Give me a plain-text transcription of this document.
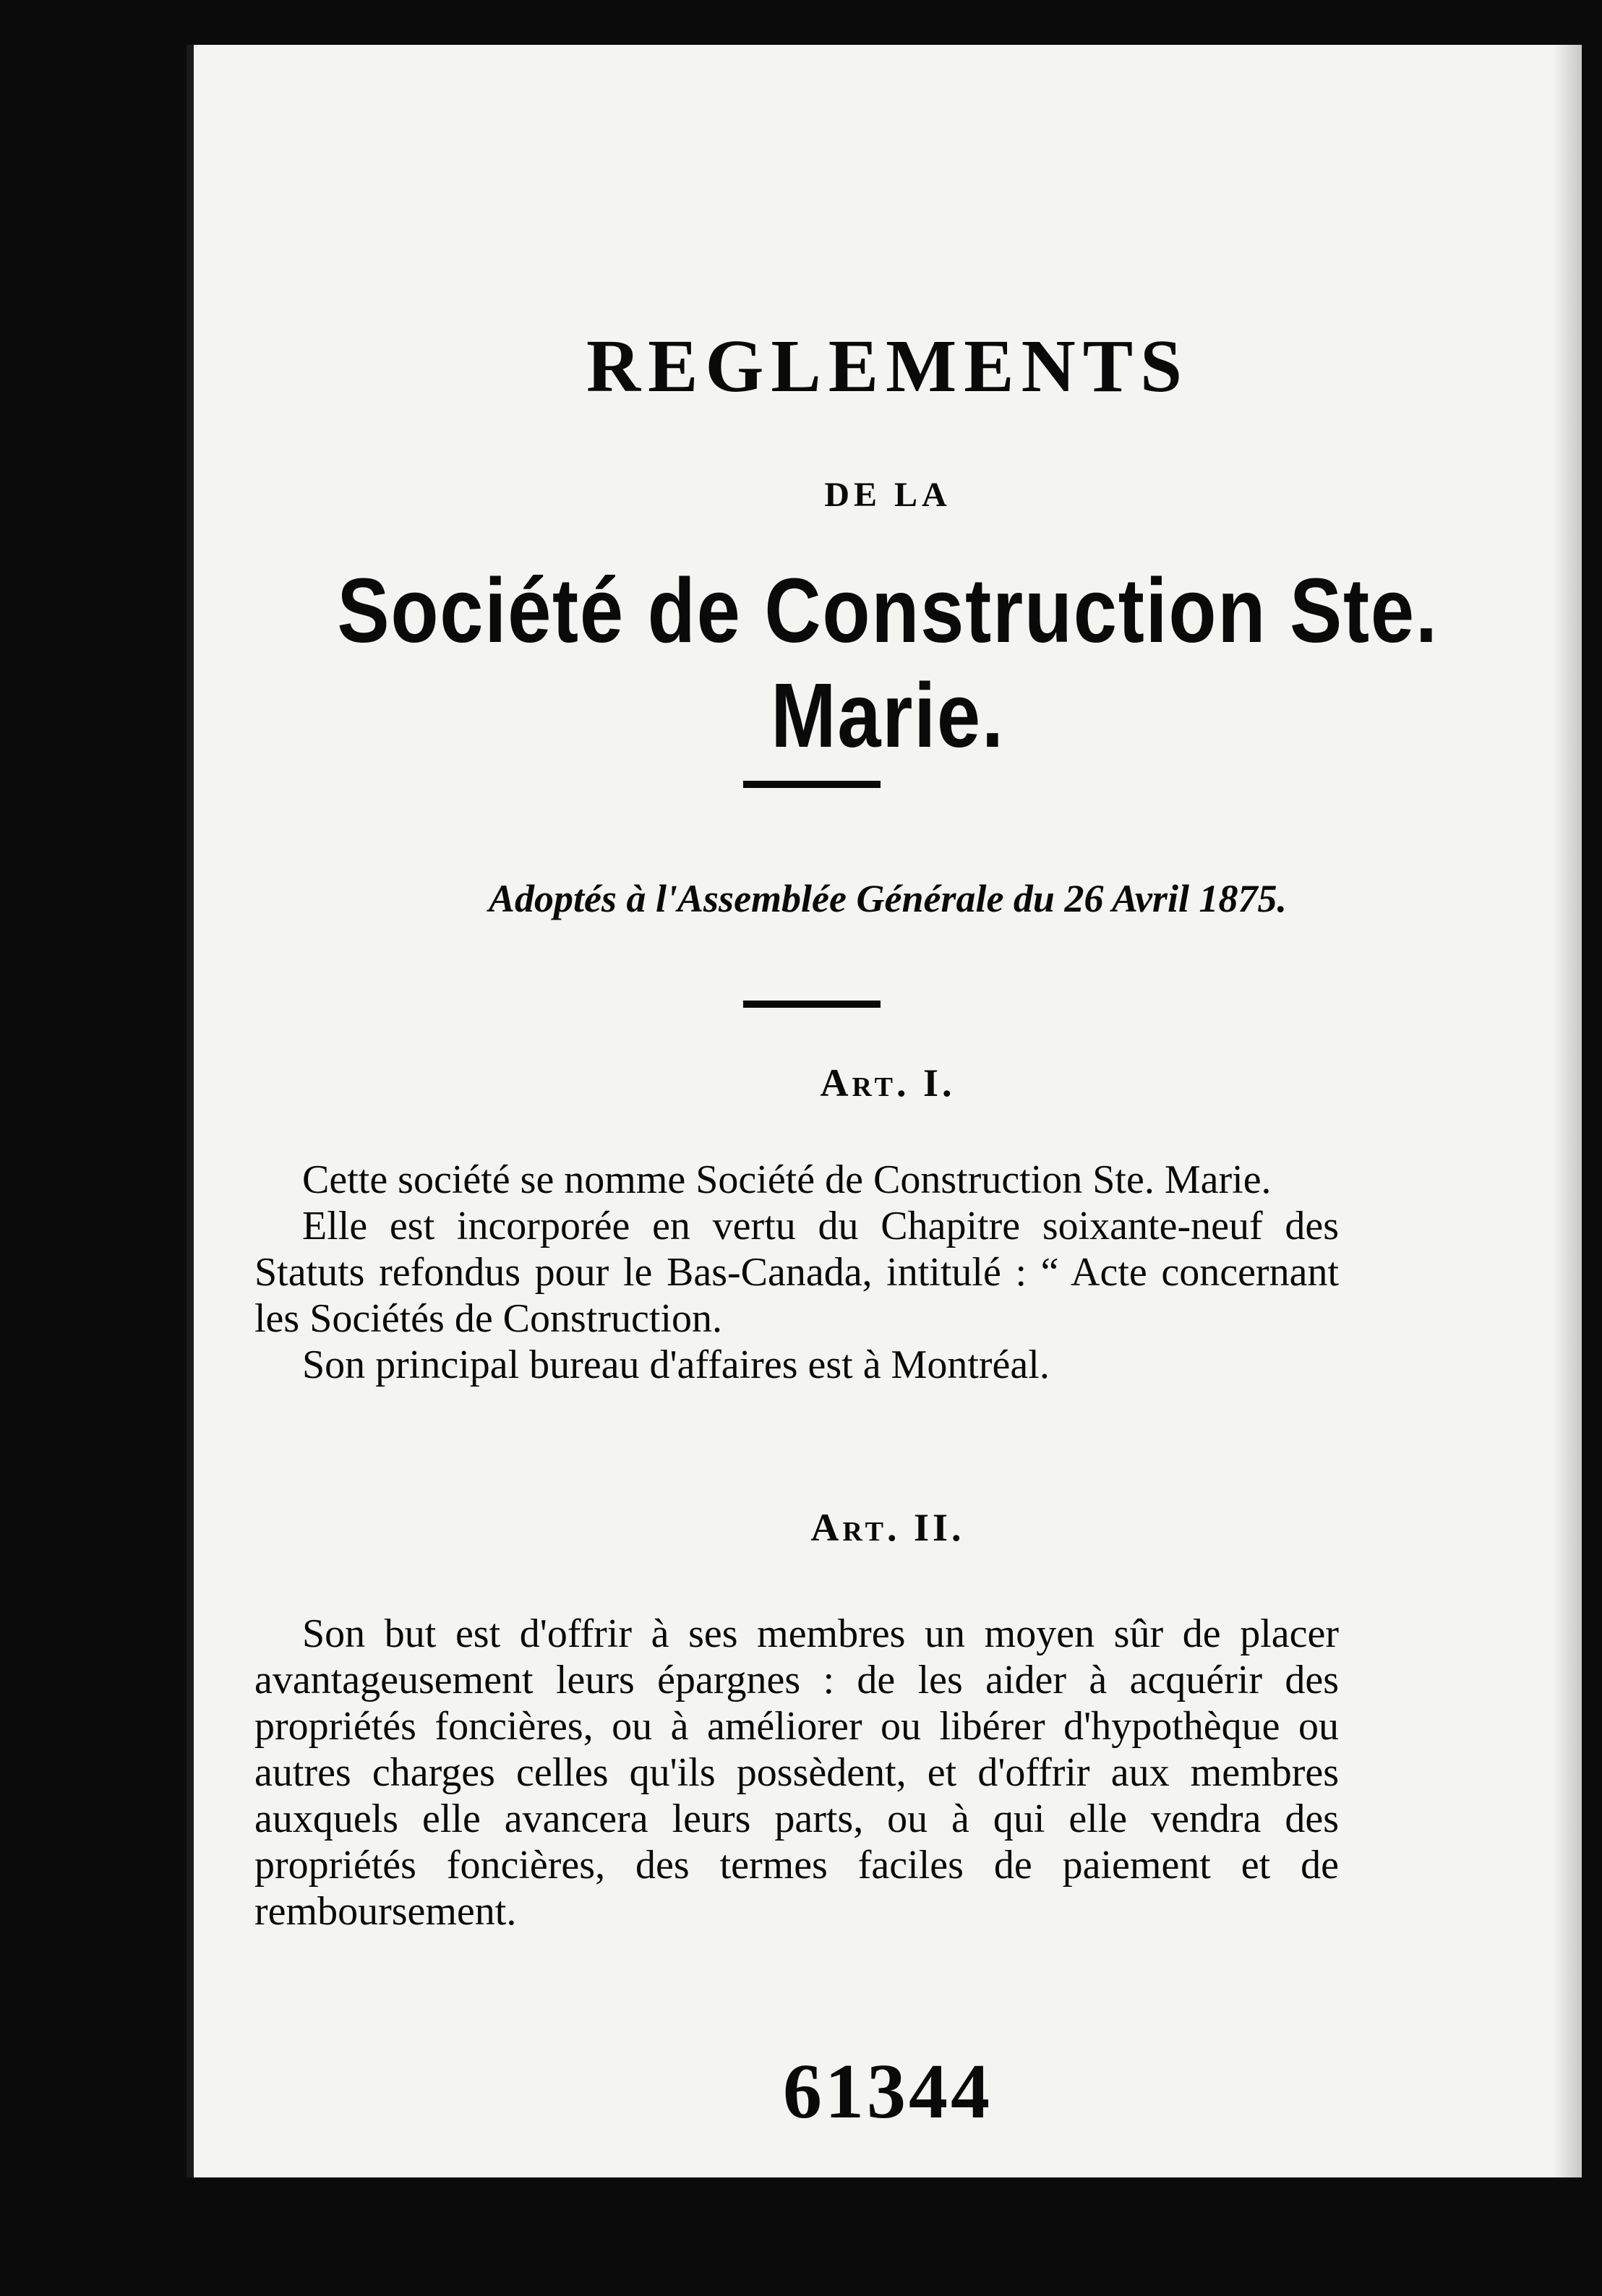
REGLEMENTS
DE LA
Société de Construction Ste. Marie.
Adoptés à l'Assemblée Générale du 26 Avril 1875.
Art. I.

Cette société se nomme Société de Construction Ste. Marie.

Elle est incorporée en vertu du Chapitre soixante-neuf des Statuts refondus pour le Bas-Canada, intitulé : “ Acte concernant les Sociétés de Construction.

Son principal bureau d'affaires est à Montréal.

Art. II.

Son but est d'offrir à ses membres un moyen sûr de placer avantageusement leurs épargnes : de les aider à acquérir des propriétés foncières, ou à améliorer ou libérer d'hypothèque ou autres charges celles qu'ils possèdent, et d'offrir aux membres auxquels elle avancera leurs parts, ou à qui elle vendra des propriétés foncières, des termes faciles de paiement et de remboursement.

61344
